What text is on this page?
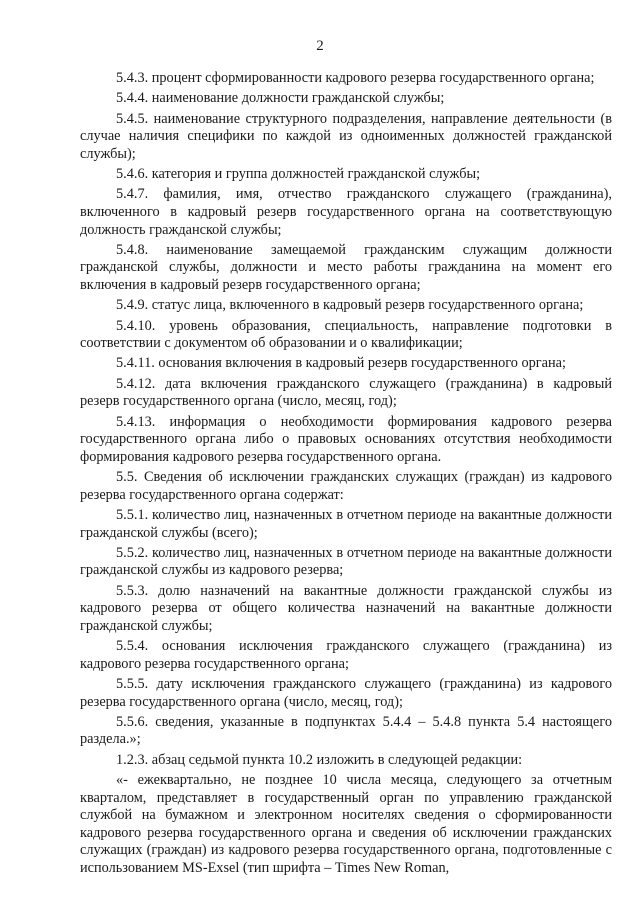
2

5.4.3. процент сформированности кадрового резерва государственного органа;

5.4.4. наименование должности гражданской службы;

5.4.5. наименование структурного подразделения, направление деятельности (в случае наличия специфики по каждой из одноименных должностей гражданской службы);

5.4.6. категория и группа должностей гражданской службы;

5.4.7. фамилия, имя, отчество гражданского служащего (гражданина), включенного в кадровый резерв государственного органа на соответствующую должность гражданской службы;

5.4.8. наименование замещаемой гражданским служащим должности гражданской службы, должности и место работы гражданина на момент его включения в кадровый резерв государственного органа;

5.4.9. статус лица, включенного в кадровый резерв государственного органа;

5.4.10. уровень образования, специальность, направление подготовки в соответствии с документом об образовании и о квалификации;

5.4.11. основания включения в кадровый резерв государственного органа;

5.4.12. дата включения гражданского служащего (гражданина) в кадровый резерв государственного органа (число, месяц, год);

5.4.13. информация о необходимости формирования кадрового резерва государственного органа либо о правовых основаниях отсутствия необходимости формирования кадрового резерва государственного органа.

5.5. Сведения об исключении гражданских служащих (граждан) из кадрового резерва государственного органа содержат:

5.5.1. количество лиц, назначенных в отчетном периоде на вакантные должности гражданской службы (всего);

5.5.2. количество лиц, назначенных в отчетном периоде на вакантные должности гражданской службы из кадрового резерва;

5.5.3. долю назначений на вакантные должности гражданской службы из кадрового резерва от общего количества назначений на вакантные должности гражданской службы;

5.5.4. основания исключения гражданского служащего (гражданина) из кадрового резерва государственного органа;

5.5.5. дату исключения гражданского служащего (гражданина) из кадрового резерва государственного органа (число, месяц, год);

5.5.6. сведения, указанные в подпунктах 5.4.4 – 5.4.8 пункта 5.4 настоящего раздела.»;

1.2.3. абзац седьмой пункта 10.2 изложить в следующей редакции:

«- ежеквартально, не позднее 10 числа месяца, следующего за отчетным кварталом, представляет в государственный орган по управлению гражданской службой на бумажном и электронном носителях сведения о сформированности кадрового резерва государственного органа и сведения об исключении гражданских служащих (граждан) из кадрового резерва государственного органа, подготовленные с использованием MS-Exsel (тип шрифта – Times New Roman,
